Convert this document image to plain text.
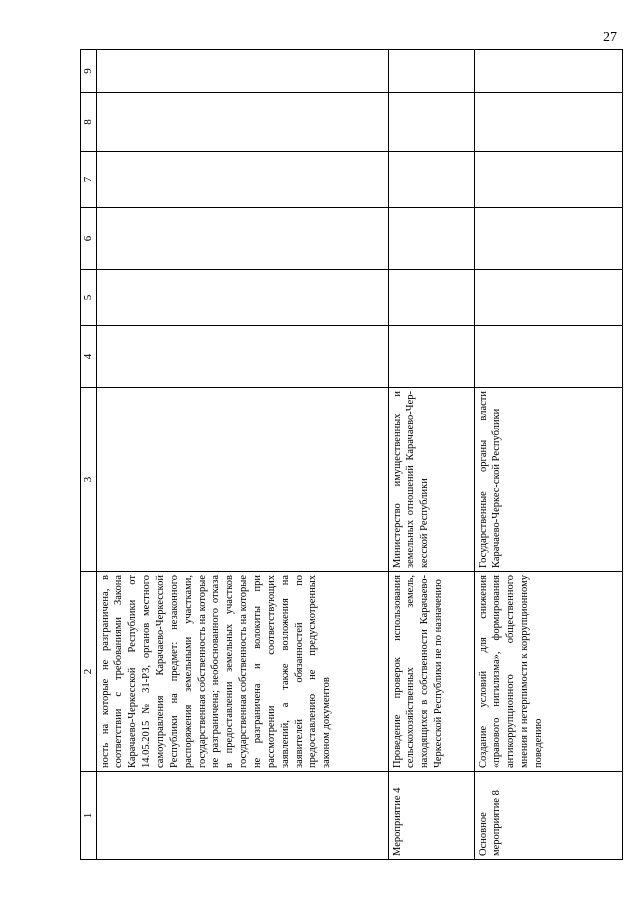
27
1	2	3	4	5	6	7	8	9
	ность на которые не разграничена, в соответствии с требованиями Закона Карачаево-Черкесской Республики от 14.05.2015 № 31-РЗ, органов местного самоуправления Карачаево-Черкесской Республики на предмет: незаконного распоряжения земельными участками, государственная собственность на которые не разграничена; необоснованного отказа в предоставлении земельных участков государственная собственность на которые не разграничена и волокиты при рассмотрении соответствующих заявлений, а также возложения на заявителей обязанностей по предоставлению не предусмотренных законом документов							
Мероприятие 4	Проведение проверок использования сельскохозяйственных земель, находящихся в собственности Карачаево-Черкесской Республики не по назначению	Министерство имущественных и земельных отношений Карачаево-Чер-кесской Республики						
Основное мероприятие 8	Создание условий для снижения «правового нигилизма», формирования антикоррупционного общественного мнения и нетерпимости к коррупционному поведению	Государственные органы власти Карачаево-Черкес-ской Республики						
